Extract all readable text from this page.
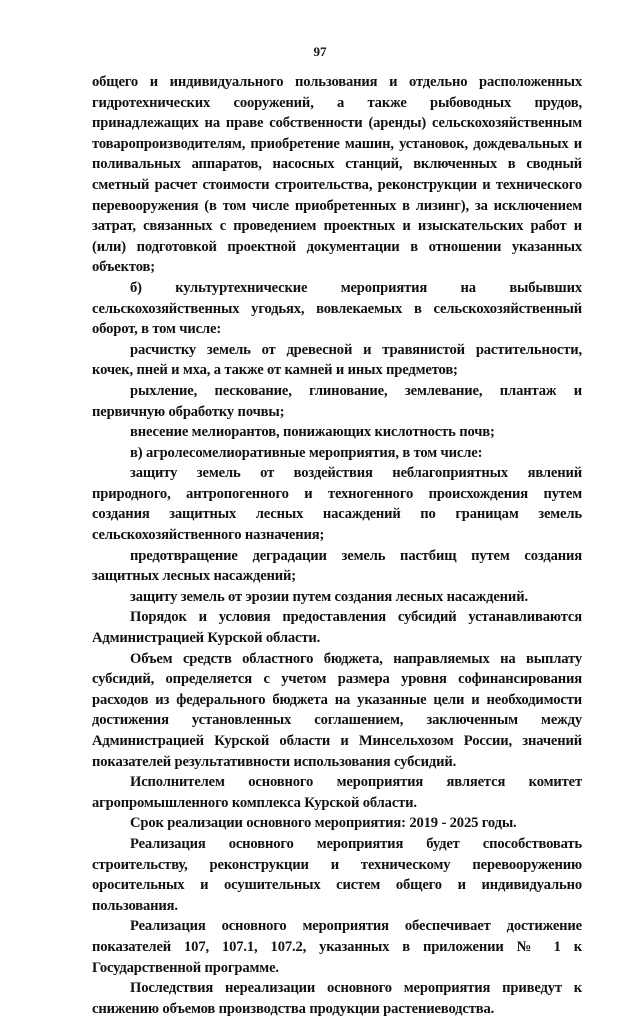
97

общего и индивидуального пользования и отдельно расположенных гидротехнических сооружений, а также рыбоводных прудов, принадлежащих на праве собственности (аренды) сельскохозяйственным товаропроизводителям, приобретение машин, установок, дождевальных и поливальных аппаратов, насосных станций, включенных в сводный сметный расчет стоимости строительства, реконструкции и технического перевооружения (в том числе приобретенных в лизинг), за исключением затрат, связанных с проведением проектных и изыскательских работ и (или) подготовкой проектной документации в отношении указанных объектов;

б) культуртехнические мероприятия на выбывших сельскохозяйственных угодьях, вовлекаемых в сельскохозяйственный оборот, в том числе:

расчистку земель от древесной и травянистой растительности, кочек, пней и мха, а также от камней и иных предметов;

рыхление, пескование, глинование, землевание, плантаж и первичную обработку почвы;

внесение мелиорантов, понижающих кислотность почв;

в) агролесомелиоративные мероприятия, в том числе:

защиту земель от воздействия неблагоприятных явлений природного, антропогенного и техногенного происхождения путем создания защитных лесных насаждений по границам земель сельскохозяйственного назначения;

предотвращение деградации земель пастбищ путем создания защитных лесных насаждений;

защиту земель от эрозии путем создания лесных насаждений.

Порядок и условия предоставления субсидий устанавливаются Администрацией Курской области.

Объем средств областного бюджета, направляемых на выплату субсидий, определяется с учетом размера уровня софинансирования расходов из федерального бюджета на указанные цели и необходимости достижения установленных соглашением, заключенным между Администрацией Курской области и Минсельхозом России, значений показателей результативности использования субсидий.

Исполнителем основного мероприятия является комитет агропромышленного комплекса Курской области.

Срок реализации основного мероприятия: 2019 - 2025 годы.

Реализация основного мероприятия будет способствовать строительству, реконструкции и техническому перевооружению оросительных и осушительных систем общего и индивидуально пользования.

Реализация основного мероприятия обеспечивает достижение показателей 107, 107.1, 107.2, указанных в приложении № 1 к Государственной программе.

Последствия нереализации основного мероприятия приведут к снижению объемов производства продукции растениеводства.
